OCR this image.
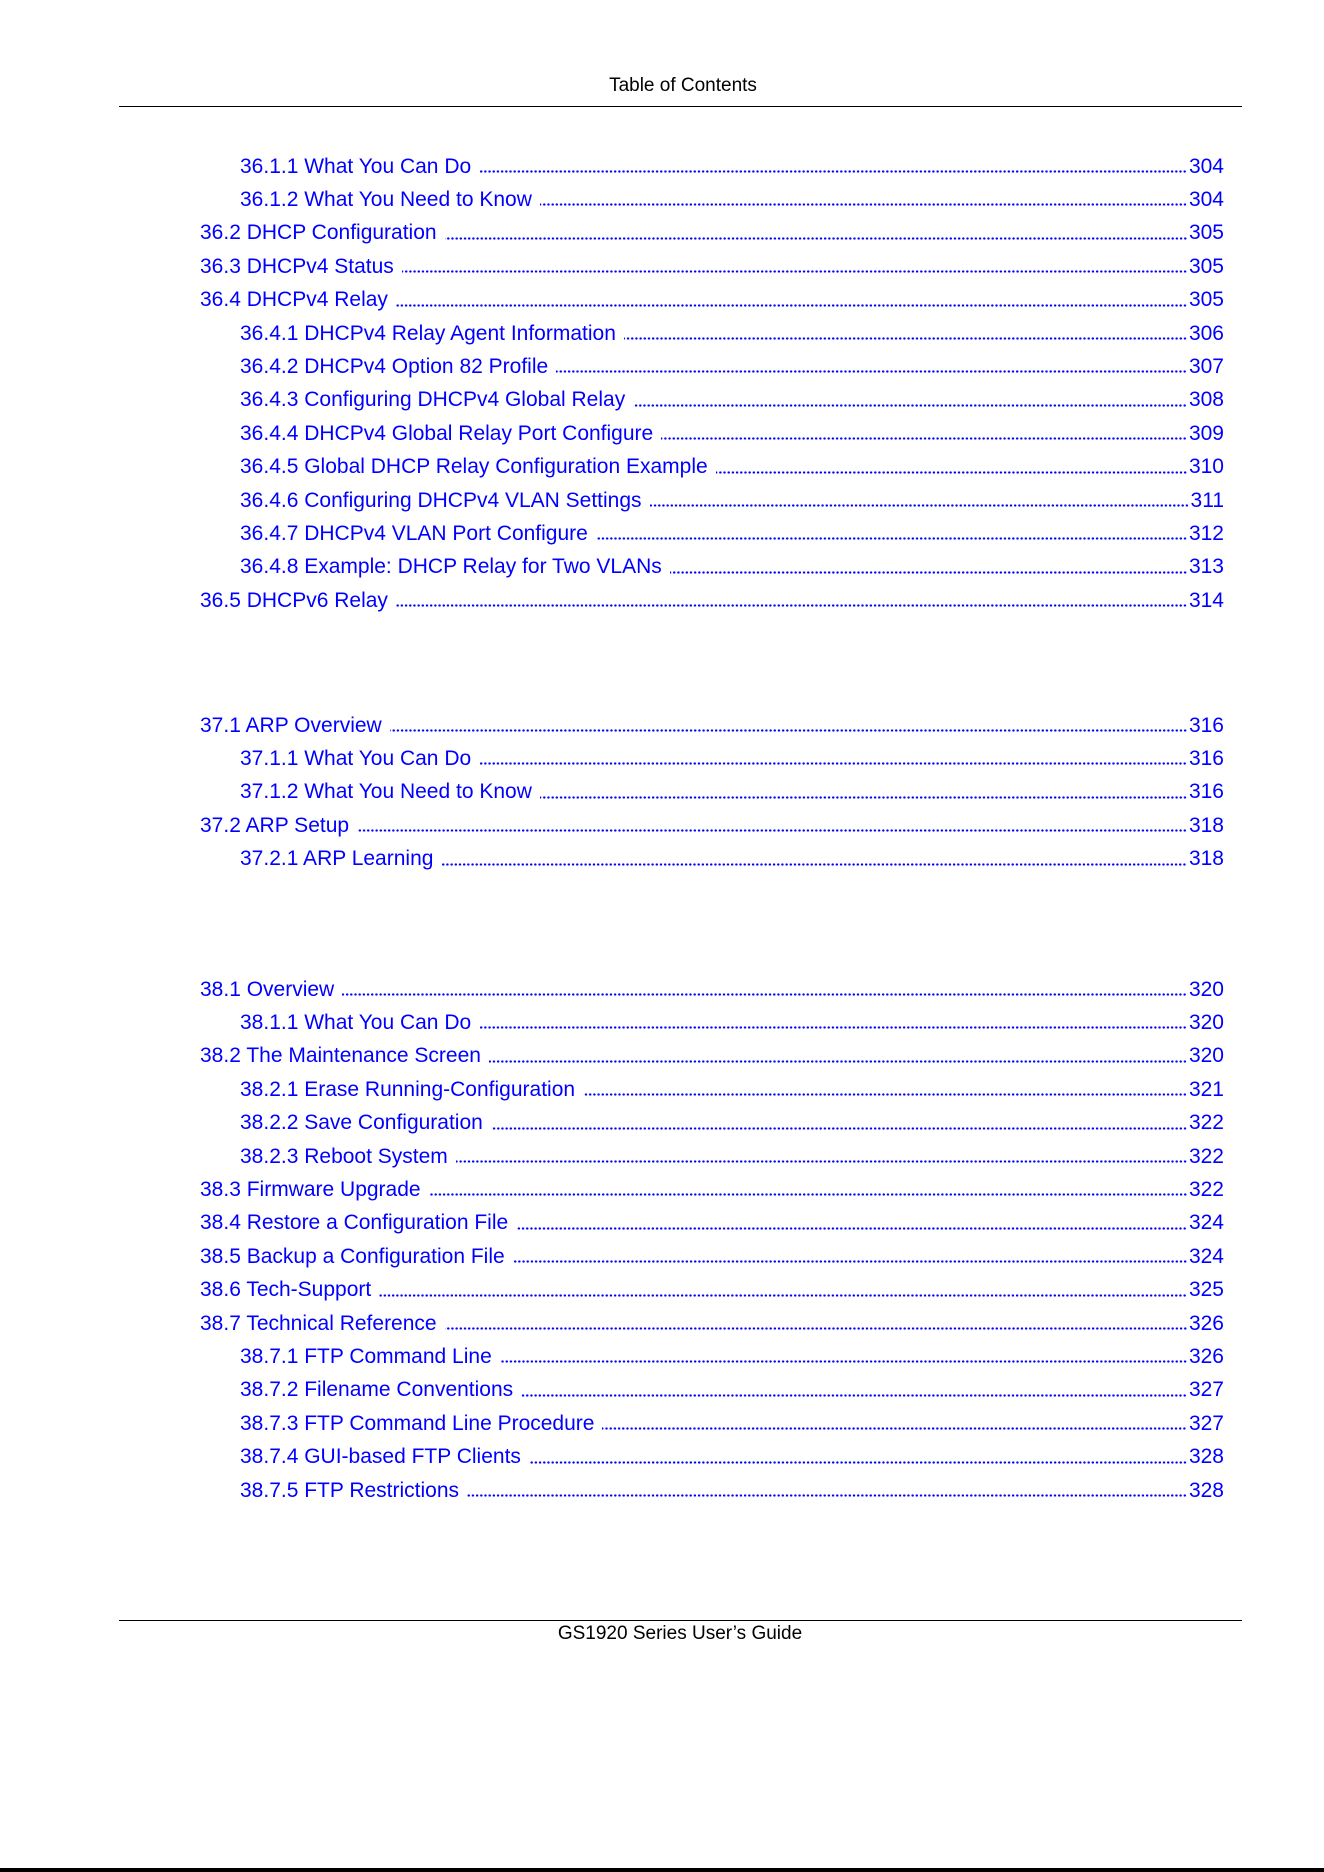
Table of Contents
36.1.1 What You Can Do	304
36.1.2 What You Need to Know	304
36.2 DHCP Configuration	305
36.3 DHCPv4 Status	305
36.4 DHCPv4 Relay	305
36.4.1 DHCPv4 Relay Agent Information	306
36.4.2 DHCPv4 Option 82 Profile	307
36.4.3 Configuring DHCPv4 Global Relay	308
36.4.4 DHCPv4 Global Relay Port Configure	309
36.4.5 Global DHCP Relay Configuration Example	310
36.4.6 Configuring DHCPv4 VLAN Settings	311
36.4.7 DHCPv4 VLAN Port Configure	312
36.4.8 Example: DHCP Relay for Two VLANs	313
36.5 DHCPv6 Relay	314
37.1 ARP Overview	316
37.1.1 What You Can Do	316
37.1.2 What You Need to Know	316
37.2 ARP Setup	318
37.2.1 ARP Learning	318
38.1 Overview	320
38.1.1 What You Can Do	320
38.2 The Maintenance Screen	320
38.2.1 Erase Running-Configuration	321
38.2.2 Save Configuration	322
38.2.3 Reboot System	322
38.3 Firmware Upgrade	322
38.4 Restore a Configuration File	324
38.5 Backup a Configuration File	324
38.6 Tech-Support	325
38.7 Technical Reference	326
38.7.1 FTP Command Line	326
38.7.2 Filename Conventions	327
38.7.3 FTP Command Line Procedure	327
38.7.4 GUI-based FTP Clients	328
38.7.5 FTP Restrictions	328
GS1920 Series User’s Guide
